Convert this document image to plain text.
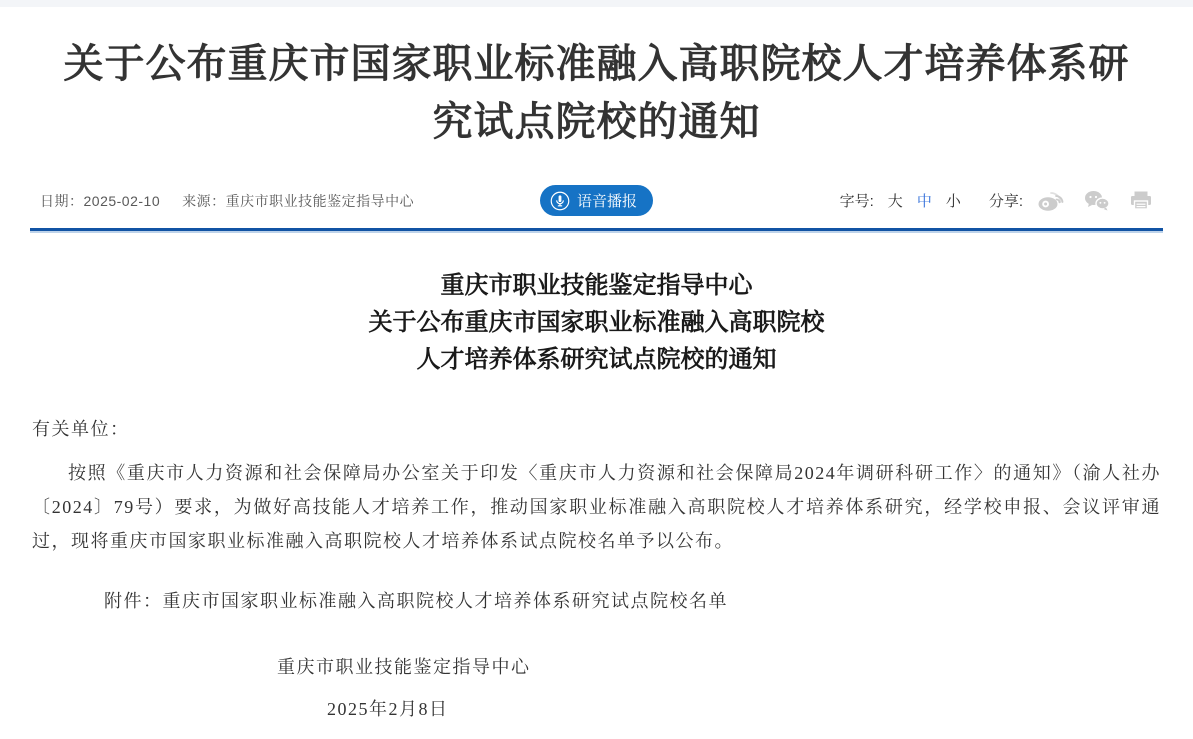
关于公布重庆市国家职业标准融入高职院校人才培养体系研究试点院校的通知
日期：2025-02-10 来源：重庆市职业技能鉴定指导中心	语音播报	字号: 大 中 小 分享:
重庆市职业技能鉴定指导中心
关于公布重庆市国家职业标准融入高职院校
人才培养体系研究试点院校的通知
有关单位：
按照《重庆市人力资源和社会保障局办公室关于印发〈重庆市人力资源和社会保障局2024年调研科研工作〉的通知》（渝人社办〔2024〕79号）要求，为做好高技能人才培养工作，推动国家职业标准融入高职院校人才培养体系研究，经学校申报、会议评审通过，现将重庆市国家职业标准融入高职院校人才培养体系试点院校名单予以公布。
附件：重庆市国家职业标准融入高职院校人才培养体系研究试点院校名单
重庆市职业技能鉴定指导中心
2025年2月8日
